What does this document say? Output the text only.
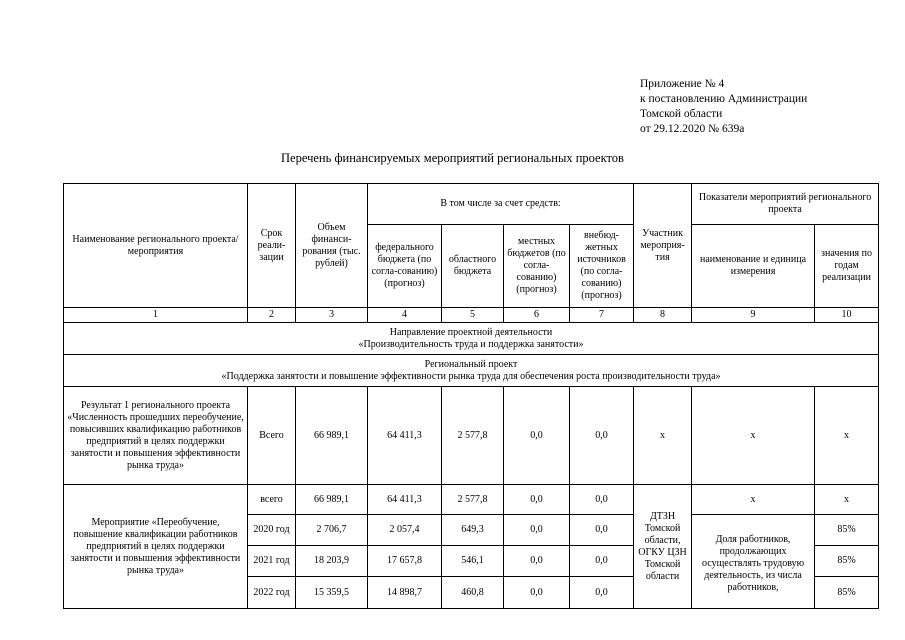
Приложение № 4
к постановлению Администрации
Томской области
от 29.12.2020 № 639а
Перечень финансируемых мероприятий региональных проектов
Наименование регионального проекта/ мероприятия	Срок реали-зации	Объем финанси-рования (тыс. рублей)	В том числе за счет средств:				Участник мероприя-тия	Показатели мероприятий регионального проекта	
			федерального бюджета (по согла-сованию) (прогноз)	областного бюджета	местных бюджетов (по согла-сованию) (прогноз)	внебюд-жетных источников (по согла-сованию) (прогноз)		наименование и единица измерения	значения по годам реализации
1	2	3	4	5	6	7	8	9	10

Направление проектной деятельности
«Производительность труда и поддержка занятости»									

Региональный проект
«Поддержка занятости и повышение эффективности рынка труда для обеспечения роста производительности труда»									

Результат 1 регионального проекта «Численность прошедших переобучение, повысивших квалификацию работников предприятий в целях поддержки занятости и повышения эффективности рынка труда»	Всего	66 989,1	64 411,3	2 577,8	0,0	0,0	х	х	х
Мероприятие «Переобучение, повышение квалификации работников предприятий в целях поддержки занятости и повышения эффективности рынка труда»	всего	66 989,1	64 411,3	2 577,8	0,0	0,0	ДТЗН Томской области, ОГКУ ЦЗН Томской области	х	х
	2020 год	2 706,7	2 057,4	649,3	0,0	0,0		Доля работников, продолжающих осуществлять трудовую деятельность, из числа работников,	85%
	2021 год	18 203,9	17 657,8	546,1	0,0	0,0			85%
	2022 год	15 359,5	14 898,7	460,8	0,0	0,0			85%
